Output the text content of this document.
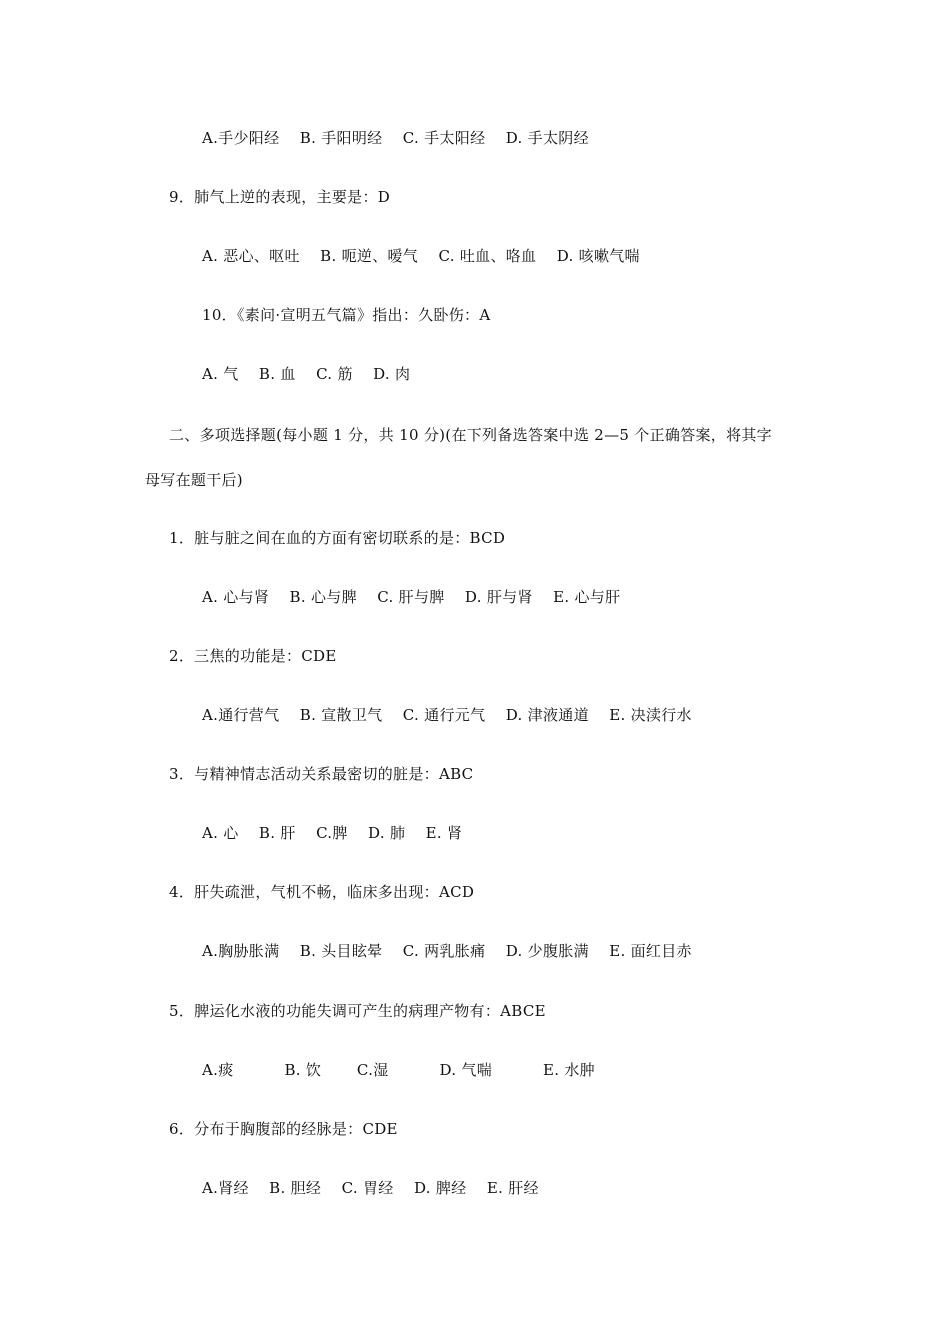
A.手少阳经　 B. 手阳明经　 C. 手太阳经　 D. 手太阴经
9．肺气上逆的表现，主要是：D
A. 恶心、呕吐　 B. 呃逆、嗳气　 C. 吐血、咯血　 D. 咳嗽气喘
10．《素问·宣明五气篇》指出：久卧伤：A
A. 气　 B. 血　 C. 筋　 D. 肉
二、多项选择题(每小题 1 分，共 10 分)(在下列备选答案中选 2—5 个正确答案，将其字
母写在题干后)
1．脏与脏之间在血的方面有密切联系的是：BCD
A. 心与肾　 B. 心与脾　 C. 肝与脾　 D. 肝与肾　 E. 心与肝
2．三焦的功能是：CDE
A.通行营气　 B. 宣散卫气　 C. 通行元气　 D. 津液通道　 E. 决渎行水
3．与精神情志活动关系最密切的脏是：ABC
A. 心　 B. 肝　 C.脾　 D. 肺　 E. 肾
4．肝失疏泄，气机不畅，临床多出现：ACD
A.胸胁胀满　 B. 头目眩晕　 C. 两乳胀痛　 D. 少腹胀满　 E. 面红目赤
5．脾运化水液的功能失调可产生的病理产物有：ABCE
A.痰　　　 B. 饮　　 C.湿　　　 D. 气喘　　　 E. 水肿
6．分布于胸腹部的经脉是：CDE
A.肾经　 B. 胆经　 C. 胃经　 D. 脾经　 E. 肝经
